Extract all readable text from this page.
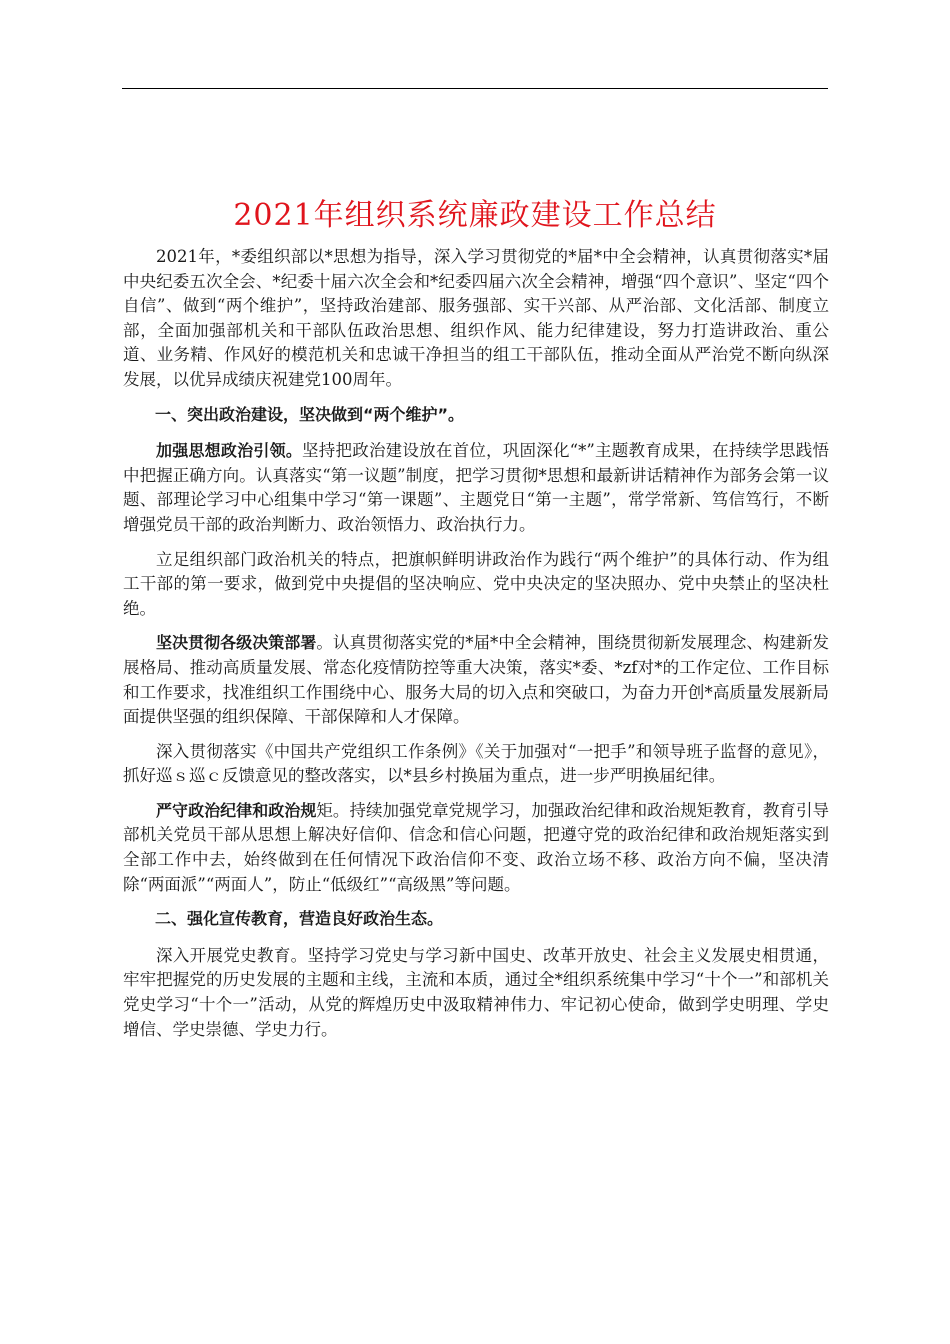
2021年组织系统廉政建设工作总结

2021年，*委组织部以*思想为指导，深入学习贯彻党的*届*中全会精神，认真贯彻落实*届中央纪委五次全会、*纪委十届六次全会和*纪委四届六次全会精神，增强“四个意识”、坚定“四个自信”、做到“两个维护”，坚持政治建部、服务强部、实干兴部、从严治部、文化活部、制度立部，全面加强部机关和干部队伍政治思想、组织作风、能力纪律建设，努力打造讲政治、重公道、业务精、作风好的模范机关和忠诚干净担当的组工干部队伍，推动全面从严治党不断向纵深发展，以优异成绩庆祝建党100周年。

一、突出政治建设，坚决做到“两个维护”。

加强思想政治引领。坚持把政治建设放在首位，巩固深化“*”主题教育成果，在持续学思践悟中把握正确方向。认真落实“第一议题”制度，把学习贯彻*思想和最新讲话精神作为部务会第一议题、部理论学习中心组集中学习“第一课题”、主题党日“第一主题”，常学常新、笃信笃行，不断增强党员干部的政治判断力、政治领悟力、政治执行力。

立足组织部门政治机关的特点，把旗帜鲜明讲政治作为践行“两个维护”的具体行动、作为组工干部的第一要求，做到党中央提倡的坚决响应、党中央决定的坚决照办、党中央禁止的坚决杜绝。

坚决贯彻各级决策部署。认真贯彻落实党的*届*中全会精神，围绕贯彻新发展理念、构建新发展格局、推动高质量发展、常态化疫情防控等重大决策，落实*委、*zf对*的工作定位、工作目标和工作要求，找准组织工作围绕中心、服务大局的切入点和突破口，为奋力开创*高质量发展新局面提供坚强的组织保障、干部保障和人才保障。

深入贯彻落实《中国共产党组织工作条例》《关于加强对“一把手”和领导班子监督的意见》，抓好巡ｓ巡ｃ反馈意见的整改落实，以*县乡村换届为重点，进一步严明换届纪律。

严守政治纪律和政治规矩。持续加强党章党规学习，加强政治纪律和政治规矩教育，教育引导部机关党员干部从思想上解决好信仰、信念和信心问题，把遵守党的政治纪律和政治规矩落实到全部工作中去，始终做到在任何情况下政治信仰不变、政治立场不移、政治方向不偏，坚决清除“两面派”“两面人”，防止“低级红”“高级黑”等问题。

二、强化宣传教育，营造良好政治生态。

深入开展党史教育。坚持学习党史与学习新中国史、改革开放史、社会主义发展史相贯通，牢牢把握党的历史发展的主题和主线，主流和本质，通过全*组织系统集中学习“十个一”和部机关党史学习“十个一”活动，从党的辉煌历史中汲取精神伟力、牢记初心使命，做到学史明理、学史增信、学史崇德、学史力行。
